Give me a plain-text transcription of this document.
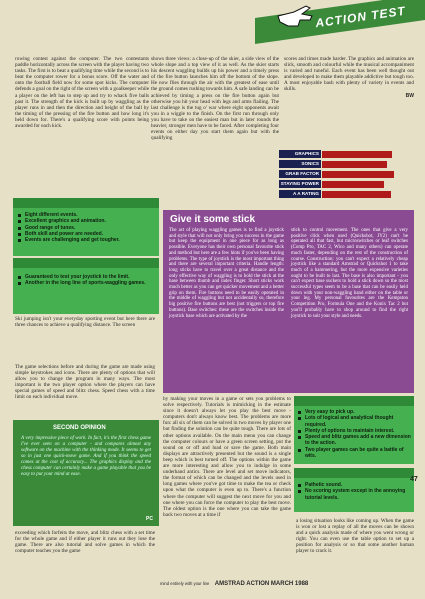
ACTION TEST
rowing contest against the computer. The two contestants paddle horizontally across the screen with the player having two tasks. The first is to beat a qualifying time while the second is to beat the computer rower for a bonus score. Off the water and onto the football field now for some spot kicks. The computer defends a goal on the right of the screen with a goalkeeper while a player on the left has to step up and try to whack five balls past it. The strength of the kick is built up by waggling as the player runs in and then the direction and height of the ball by the timing of the pressing of the fire button and how long it's held down for. There's a qualifying score with points being awarded for each kick.
shows three views: a close-up of the skier, a side view of the whole slope and a top view of it as well. As the skier starts his descent waggling builds up his power and a timely press of the fire button launches him off the bottom of the slope. He now flies through the air with the greatest of ease until the ground comes rushing towards him. A safe landing can be achieved by timing a press on the fire button again but otherwise you hit your head with legs and arms flailing. The last challenge is the tug o' war where eight opponents await you in a wiggle to the finish. On the first run through only you have to take on the easiest man but in later rounds the heavier, stronger men have to be faced. After completing four events on either day you start them again but with the qualifying
scores and times made harder. The graphics and animation are slick, smooth and colourful while the musical accompaniment is varied and tuneful. Each event has been well thought out and developed to make them playable addictive but tough too. A most enjoyable bash with plenty of variety in events and skills.
BW
GRAPHICS
SONICS
GRAB FACTOR
STAYING POWER
A A RATING
Eight different events.
Excellent graphics and animation.
Good range of tunes.
Both skill and power are needed.
Events are challenging and get tougher.
Guaranteed to test your joystick to the limit.
Another in the long line of sports-waggling games.
Ski jumping isn't your everyday sporting event but here there are three chances to achieve a qualifying distance. The screen
The game selections before and during the game are made using simple keystrokes and icons. There are plenty of options that will allow you to change the program in many ways. The most important is the two player option where the players can have special games of speed and blitz chess. Speed chess with a time limit on each individual move.
SECOND OPINION
A very impressive piece of work. In fact, it's the first chess game I've ever seen on a computer - and compares almost any software on the machine with the thinking mode. It seems to get so in just one quick-move game. And if you think the speed comes at the cost of accuracy... The graphics display and the chess computer can certainly make a game playable that you be easy to put your mind at ease.
PC
exceeding which forfeits the move, and blitz chess with a set time for the whole game and if either player it runs out they lose the game. There are also tutorial and solve games in which the computer teaches you the game
Give it some stick
The act of playing waggling games is to find a joystick and style that will not only bring you success in the game but keep the equipment in one piece for as long as possible. Everyone has their own personal favourite stick and method but here are a few hints if you've been having problems. The type of joystick is the most important thing and there are several important criteria. Handle length: long sticks have to travel over a great distance and the only effective way of waggling is to hold the stick at the base between thumb and index finger. Short sticks work much better as you can get quicker movement and a better grip on them. Fire buttons need to be easily operated in the middle of waggling but not accidentally so, therefore big positive fire buttons are best (not triggers or top fire buttons). Base switches: these are the switches inside the joystick base which are activated by the
stick to control movement. The ones that give a very positive click when used (Quickshot, JY2) can't be operated all that fast, but microswitches or leaf switches (Comp Pro, TAC 2, Wico and many others) can operate much faster, depending on the rest of the construction of course. Construction: you can't expect a relatively cheap joystick like a standard Amstrad or Quickshot 1 to take much of a hammering, but the more expensive varieties ought to be built to last. The base is also important - you can't expect base suckers to hold a stick down so the most successful types seem to be a base that can be easily held down with your non-waggling hand either on the table or your leg. My personal favourites are the Kempston Competition Pro, Formula One and the Konix Tac 2 but you'll probably have to shop around to find the right joystick to suit your style and needs.
by making your moves in a game or sets you problems to solve respectively. Tutorials is mimicking in the estimate since it doesn't always let you play the best move - computers don't always know best. The problems are more fun: all six of them can be solved in two moves by player one but finding the solution can be quite tough. There are lots of other options available. On the main menu you can change the computer colours or have a green screen setting, put the sound on or off and load or save the game. Both main displays are attractively presented but the sound is a single beep which is best turned off. The options within the game are more interesting and allow you to indulge in some underhand antics. There are level and set move indicators, the format of which can be changed and the levels used in long games where you've got time to make the tea or check upon what the computer is even up to. There's a function where the computer will suggest the next move for you and one where you can force the computer to play the best move. The oldest option is the one where you can take the game back two moves at a time if
Very easy to pick up.
Lots of logical and analytical thought required.
Plenty of options to maintain interest.
Speed and blitz games add a new dimension to the action.
Two player games can be quite a battle of wits.
Pathetic sound.
No scoring system except in the annoying tutorial levels.
a losing situation looks like coming up. When the game is won or lost a replay of all the moves can be shown and a quick analysis made of where you went wrong or right. You can even use the table option to set up a position for analysis or so that some another human player to crack it.
47
mind entirely with your line AMSTRAD ACTION MARCH 1988
